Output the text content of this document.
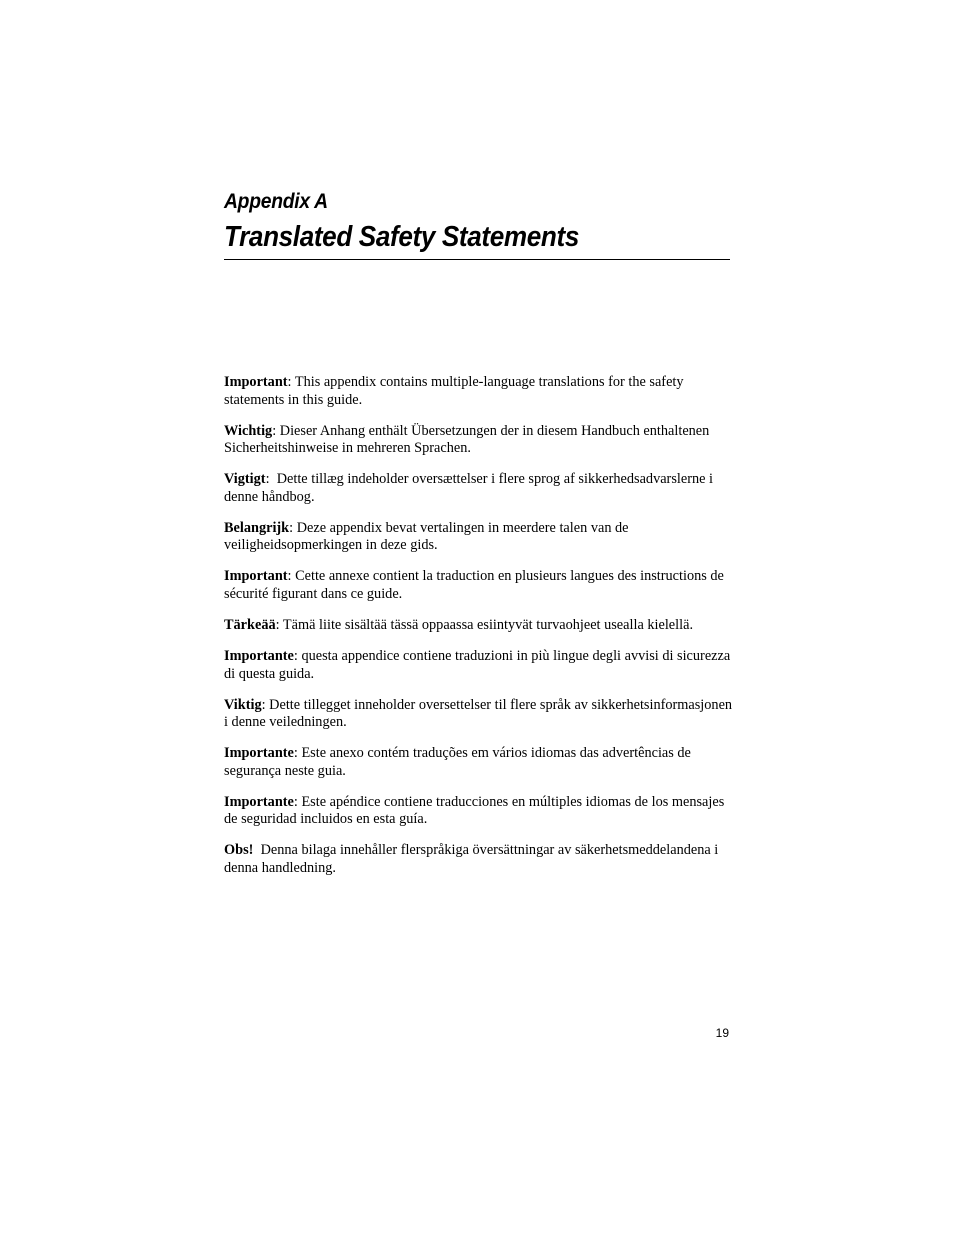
Appendix A
Translated Safety Statements

Important: This appendix contains multiple-language translations for the safety statements in this guide.

Wichtig: Dieser Anhang enthält Übersetzungen der in diesem Handbuch enthaltenen Sicherheitshinweise in mehreren Sprachen.

Vigtigt:  Dette tillæg indeholder oversættelser i flere sprog af sikkerhedsadvarslerne i denne håndbog.

Belangrijk: Deze appendix bevat vertalingen in meerdere talen van de veiligheidsopmerkingen in deze gids.

Important: Cette annexe contient la traduction en plusieurs langues des instructions de sécurité figurant dans ce guide.

Tärkeää: Tämä liite sisältää tässä oppaassa esiintyvät turvaohjeet usealla kielellä.

Importante: questa appendice contiene traduzioni in più lingue degli avvisi di sicurezza di questa guida.

Viktig: Dette tillegget inneholder oversettelser til flere språk av sikkerhetsinformasjonen i denne veiledningen.

Importante: Este anexo contém traduções em vários idiomas das advertências de segurança neste guia.

Importante: Este apéndice contiene traducciones en múltiples idiomas de los mensajes de seguridad incluidos en esta guía.

Obs! Denna bilaga innehåller flerspråkiga översättningar av säkerhetsmeddelandena i denna handledning.

19
